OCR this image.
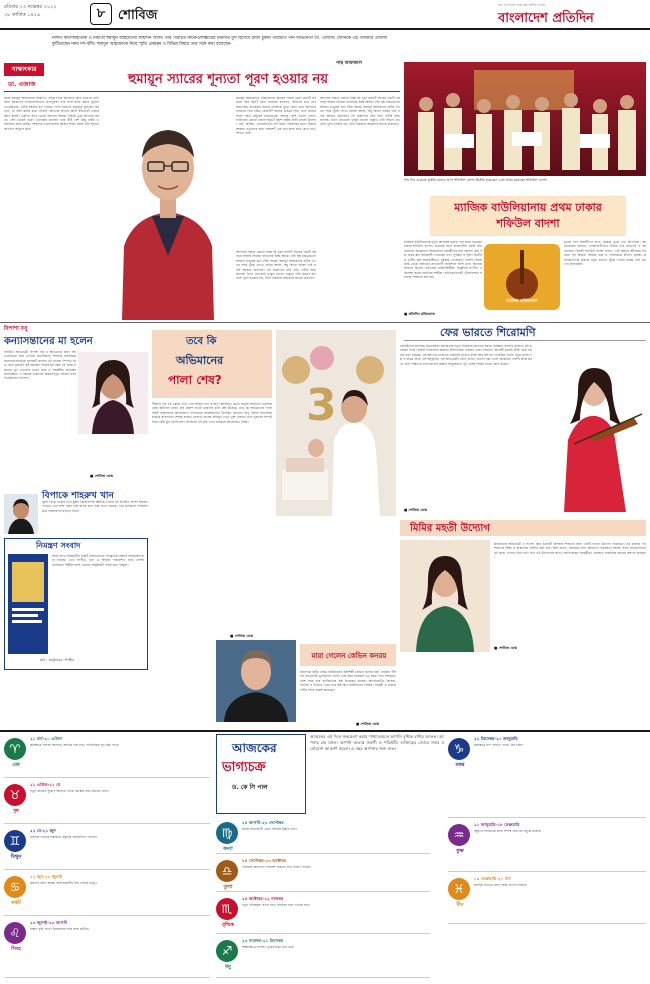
রবিবার ১৩ নভেম্বর ২০২২
২৮ কার্তিক ১৪২৯	৮ শোবিজ
সত্য ও ন্যায়ের পক্ষে আপোষহীন দৈনিক
বাংলাদেশ প্রতিদিন
সাক্ষাৎকার
ডা. এজাজ
নন্দিত কথাসাহিত্যিক ও নির্মাতা হুমায়ূন আহমেদের জন্মদিন আজ। তাঁর পরিচিত নাটক-চলচ্চিত্রের নিয়মিত মুখ হিসেবে রাজ্য চুকান পরিচিতি পান অভিনেতা ডা. এজাজ। সোনিকে এই পরিবারে এজাজ ফুটিয়েছেন নানা দশ-বাঁধি। হুমায়ূন আহমেদকে নিয়ে স্মৃতি রোমন্থন ও বিভিন্ন বিষয়ে তার সঙ্গে কথা বলেছেন-
পান্থ আফজাল
হুমায়ূন স্যারের শূন্যতা পূরণ হওয়ার নয়
আজ হুমায়ূন আহমেদের জন্মদিন। তাঁকে নিয়ে আপনার স্মৃতি জানতে চাই। তিনি আমাদের বাংলাসাহিত্যের প্রাণপুরুষ। তার সঙ্গে কাজ করার সুযোগ পেয়েছিলাম, এটাই আমার বড় পাওয়া। তিনি যেভাবে মানুষকে মূল্যায়ন করতেন, তা অন্য কারও মধ্যে দেখিনি। অভিনয় জগতে আসা কীভাবে? একদম হঠাৎ করেই। একদিন স্যার ডেকে বললেন আমার নাটকে তুমি অভিনয় করবে। সেই থেকেই শুরু। এখনকার কাজের খবর কী? বেশ কিছু নাটক ও সিনেমায় কাজ করছি। দর্শকদের ভালোবাসাই আমার শক্তি। আজ তাঁর শূন্যতা প্রতিদিন অনুভব করি।
হুমায়ূন আহমেদের পরিচালনায় কাজের সময়ে কোন কথাটি সবচেয়ে প্রিয় ছিল? তিনি সবসময় বলতেন, অভিনয় হতে হবে স্বাভাবিক। ক্যামেরার সামনে নিজেকে ভুলে যেতে হবে। আপনার সবচেয়ে প্রিয় চরিত্র কোনটি? অনেক চরিত্রই প্রিয়, তবে গ্রামের সহজ সরল মানুষের চরিত্রগুলো আমার বেশি ভালো লাগে। শুটিংয়ের কোনো মজার স্মৃতি? নুহাশ পল্লীর শুটিং মানেই উৎসব। গান, আড্ডা, খাওয়াদাওয়া সব মিলে পরিবারের মতো ছিলাম আমরা। নতুনদের জন্য পরামর্শ? ধৈর্য ধরে কাজ করে যেতে হবে, শিখতে হবে।
আপনার সামনে কোনো ইচ্ছে কি পূরণ হয়নি? স্যারের একটি গল্প নিয়ে আবার সিনেমা বানানোর ইচ্ছে আছে। তাঁর সৃষ্ট চরিত্রগুলো আজও মানুষের মনে বেঁচে আছে। হুমায়ূন আহমেদের নাটক এখনো দর্শক খুঁজে দেখে। মিসির আলি, হিমু কিংবা বাকের ভাই সবাই আজও জনপ্রিয়। এই জন্মদিনে তাঁর প্রতি গভীর শ্রদ্ধা জানাই। তিনি যেখানেই থাকুন ভালো থাকুন। তাঁর অভাব কখনোই পূরণ হওয়ার নয়, তিনি চিরকাল আমাদের হৃদয়ে থাকবেন।
আপনার সামনে কোনো ইচ্ছে কি পূরণ হয়নি? স্যারের একটি গল্প নিয়ে আবার সিনেমা বানানোর ইচ্ছে আছে। তাঁর সৃষ্ট চরিত্রগুলো আজও মানুষের মনে বেঁচে আছে। হুমায়ূন আহমেদের নাটক এখনো দর্শক খুঁজে দেখে। মিসির আলি, হিমু কিংবা বাকের ভাই সবাই আজও জনপ্রিয়। এই জন্মদিনে তাঁর প্রতি গভীর শ্রদ্ধা জানাই। তিনি যেখানেই থাকুন ভালো থাকুন। তাঁর অভাব কখনোই পূরণ হওয়ার নয়, তিনি চিরকাল আমাদের হৃদয়ে থাকবেন।
গত দিন গুরুকে তৃতীয় রানার আপ শফিউল বাদশা দ্বিতীয় হয়েছেন এবং প্রথম হয়েছেন শফিউল বাদশা
ম্যাজিক বাউলিয়ানায় প্রথম ঢাকার শফিউল বাদশা
ম্যাজিক বাউলিয়ানার চতুর্থ আসরের চূড়ান্ত পর্বে প্রথম হয়েছেন ঢাকার শফিউল বাদশা। শুক্রবার রাতে রাজধানীর একটি মিলনায়তনে জমকালো আয়োজনে বিজয়ীদের নাম ঘোষণা করা হয়। প্রথম স্থান অধিকারী পেয়েছেন নগদ পুরস্কার ও ট্রফি। দ্বিতীয় ও তৃতীয় স্থান অধিকারীরাও পুরস্কার পেয়েছেন। দেশের বিভিন্ন প্রান্ত থেকে হাজারো প্রতিযোগী অডিশনে অংশ নেন। বিচারক হিসেবে ছিলেন খ্যাতিমান বাউলশিল্পীরা। অনুষ্ঠানে সংগীত পরিবেশন করেন জনপ্রিয় শিল্পীরা। প্রতিযোগিতাটি টেলিভিশনে সরাসরি সম্প্রচার করা হয়।
ম্যাজিক বাউলিয়ানা
চূড়ান্ত পর্বে বিজয়ীদের হাতে পুরস্কার তুলে দেন অতিথিরা। আয়োজকরা জানান, লোকসংগীতের ঐতিহ্য ধরে রাখতেই এ আয়োজন। বিজয়ী শফিউল বাদশা বলেন, এটি আমার জীবনের সবচেয়ে বড় অর্জন। আমার গুরু ও পরিবারকে উৎসর্গ করছি। প্রতিযোগিতার মাধ্যমে নতুন প্রতিভা খুঁজে পাওয়া যাচ্ছে বলে মত দেন বিচারকরা।
■ প্রতিদিন প্রতিবেদক
বিপাশা বসু
কন্যাসন্তানের মা হলেন
বলিউড অভিনেত্রী বিপাশা বসু ও অভিনেতা করণ সিং গ্রোভারের ঘরে এসেছে কন্যাসন্তান। শনিবার সামাজিক যোগাযোগমাধ্যমে সুখবরটি জানান এই তারকা দম্পতি। মা ও মেয়ে দুজনেই সুস্থ আছেন। বিয়ের ছয় বছর পর প্রথম সন্তানের মুখ দেখলেন তারা। ভক্ত ও সহকর্মীরা শুভেচ্ছা জানাচ্ছেন। এ বছরের শুরুতেই অন্তঃসত্ত্বা হওয়ার খবর দিয়েছিলেন বিপাশা।
■ শোবিজ ডেস্ক
বিপাকে শাহরুখ খান
দুবাই থেকে ফেরার পথে মুম্বাই বিমানবন্দরে আটকে দেওয়া হয় বলিউড বাদশা শাহরুখ খানকে। তার সঙ্গে থাকা দামি ঘড়ির জন্য শুল্ক দিতে হয়েছে। পরে জরিমানা পরিশোধ করে বিমানবন্দর ছাড়েন তিনি।
নিমন্ত্রণ সংবাদ
আজ রাতে রাজধানীর একটি মিলনায়তনে সাংস্কৃতিক সন্ধ্যার আয়োজন করা হয়েছে। এতে সংগীত, নৃত্য ও আবৃত্তি পরিবেশিত হবে। দেশের খ্যাতিমান শিল্পীরা অংশ নেবেন। অনুষ্ঠানটি সবার জন্য উন্মুক্ত।
ছবি : অনুষ্ঠানের পোস্টার
তবে কি
অভিমানের
পালা শেষ?
দীর্ঘদিন পর এক ফ্রেমে দেখা গেল শাকিব খান ও অপু বিশ্বাসকে। ছেলে জয়ের জন্মদিনে একসঙ্গে কেক কাটলেন তারা। ছবি প্রকাশ হতেই ভক্তদের মধ্যে প্রশ্ন উঠেছে, তবে কি অভিমানের পালা শেষ? জন্মদিনের আয়োজনে পরিবারের ঘনিষ্ঠজনেরা উপস্থিত ছিলেন। অপু বিশ্বাস সামাজিক মাধ্যমে ছবিগুলো শেয়ার করেন। সেখানে জয়ের হাসিমুখ দেখে খুশি ভক্তরা। তবে দুজনের সম্পর্ক নিয়ে কেউ মুখ খোলেননি। শোবিজে এই ছবি এখন সবচেয়ে আলোচিত বিষয়।	3
■ শোবিজ ডেস্ক
ফের ভারতে শিরোমণি
ঢালিউডের জনপ্রিয় চিত্রনায়িকা কলকাতার নতুন সিনেমায় অভিনয় করতে যাচ্ছেন। সম্প্রতি চুক্তিতে সই করেছেন তিনি। ছবিটি পরিচালনা করবেন টালিগঞ্জের একজন তরুণ নির্মাতা। আগামী মাসেই শুটিং শুরু হওয়ার কথা রয়েছে। এর আগেও ভারতের একাধিক ছবিতে কাজ করে প্রশংসা পেয়েছেন তিনি। নতুন ছবির গল্প ও চরিত্র নিয়ে বেশ উচ্ছ্বসিত এই অভিনেত্রী। তিনি বলেন, ভালো গল্প পেলে যেকোনো দেশেই কাজ করতে চাই। দর্শকদের ভালোবাসাই আমার অনুপ্রেরণা। দুই দেশের দর্শকই তাকে পছন্দ করেন।
■ শোবিজ ডেস্ক
মিমির মহতী উদ্যোগ
কলকাতার অভিনেত্রী ও সাংসদ মিমি চক্রবর্তী অসহায় শিশুদের জন্য একটি দাতব্য উদ্যোগ নিয়েছেন। এর মাধ্যমে পথশিশুদের শিক্ষা ও স্বাস্থ্যসেবা নিশ্চিত করা হবে। মিমি বলেন, সমাজের প্রতি আমাদের দায়বদ্ধতা আছে। সবার সহযোগিতায় এই কাজ এগিয়ে নিতে চাই। তার এই উদ্যোগকে স্বাগত জানিয়েছেন সহকর্মীরা। ভক্তরাও সামাজিক মাধ্যমে প্রশংসা করছেন।
■ শোবিজ ডেস্ক
মারা গেলেন কেভিন কনরয়
কিংবদন্তি কার্টুন চরিত্র ব্যাটম্যানের কণ্ঠশিল্পী কেভিন কনরয় মারা গেছেন। দীর্ঘদিন ক্যানসারে ভুগছিলেন তিনি। তার বয়স হয়েছিল ৬৬ বছর। তিন দশকেরও বেশি সময় ধরে ব্যাটম্যানের কণ্ঠ দিয়েছেন কনরয়। অ্যানিমেটেড সিরিজ, সিনেমা ও ভিডিও গেমে তার কণ্ঠ ছিল ব্যাটম্যানের পরিচয়। সহকর্মী ও ভক্তরা গভীর শোক প্রকাশ করেছেন।
■ শোবিজ ডেস্ক
আজকের
ভাগ্যচক্র
ড. কে সি পাল
আজকের এই দিনে জন্মগ্রহণ করায় পাশ্চাত্যমতে আপনি বৃশ্চিক রাশির জাতক। আপনার গ্রহ মঙ্গল। আপনি অত্যন্ত সাহসী ও পরিশ্রমী। ব্যক্তিত্বের জোরে সবার মনোযোগ আকর্ষণ করেন। এ বছর আপনার জন্য শুভ।
♈
মেষ
২১ মার্চ-২০ এপ্রিল
কর্মক্ষেত্রে সাফল্য আসবে। আর্থিক দিক শুভ। পারিবারিক সুখ বৃদ্ধি পাবে।
♉
বৃষ
২১ এপ্রিল-২১ মে
নতুন কাজের সুযোগ আসতে পারে। স্বাস্থ্যের প্রতি যত্নবান হোন।
♊
মিথুন
২২ মে-২১ জুন
ব্যবসায় লাভের সম্ভাবনা। বন্ধুদের সহযোগিতা পাবেন।
♋
কর্কট
২২ জুন-২২ জুলাই
ভ্রমণের যোগ আছে। অপ্রয়োজনীয় ব্যয় এড়িয়ে চলুন।
♌
সিংহ
২৩ জুলাই-২৩ আগস্ট
সম্মান বৃদ্ধি পাবে। প্রিয়জনের সঙ্গে সময় কাটবে।
♍
কন্যা
২৪ আগস্ট-২৩ সেপ্টেম্বর
কাজে মনোযোগী হোন। আর্থিক উন্নতি হবে।
♎
তুলা
২৪ সেপ্টেম্বর-২৩ অক্টোবর
পরিবারে আনন্দের পরিবেশ থাকবে। শুভ সংবাদ পাবেন।
♏
বৃশ্চিক
২৪ অক্টোবর-২২ নভেম্বর
নতুন পরিকল্পনা সফল হবে। সাহসের সঙ্গে এগিয়ে যান।
♐
ধনু
২৩ নভেম্বর-২১ ডিসেম্বর
শিক্ষাক্ষেত্রে সাফল্য। দূরের যাত্রা শুভ হবে।
♑
মকর
২২ ডিসেম্বর-২০ জানুয়ারি
কর্মক্ষেত্রে চাপ বাড়তে পারে। ধৈর্য ধরুন।
♒
কুম্ভ
২১ জানুয়ারি-১৮ ফেব্রুয়ারি
বন্ধুদের সহায়তায় কাজ সম্পন্ন হবে। মন প্রফুল্ল থাকবে।
♓
মীন
১৯ ফেব্রুয়ারি-২০ মার্চ
আর্থিক লাভের যোগ। স্বাস্থ্য ভালো থাকবে।
